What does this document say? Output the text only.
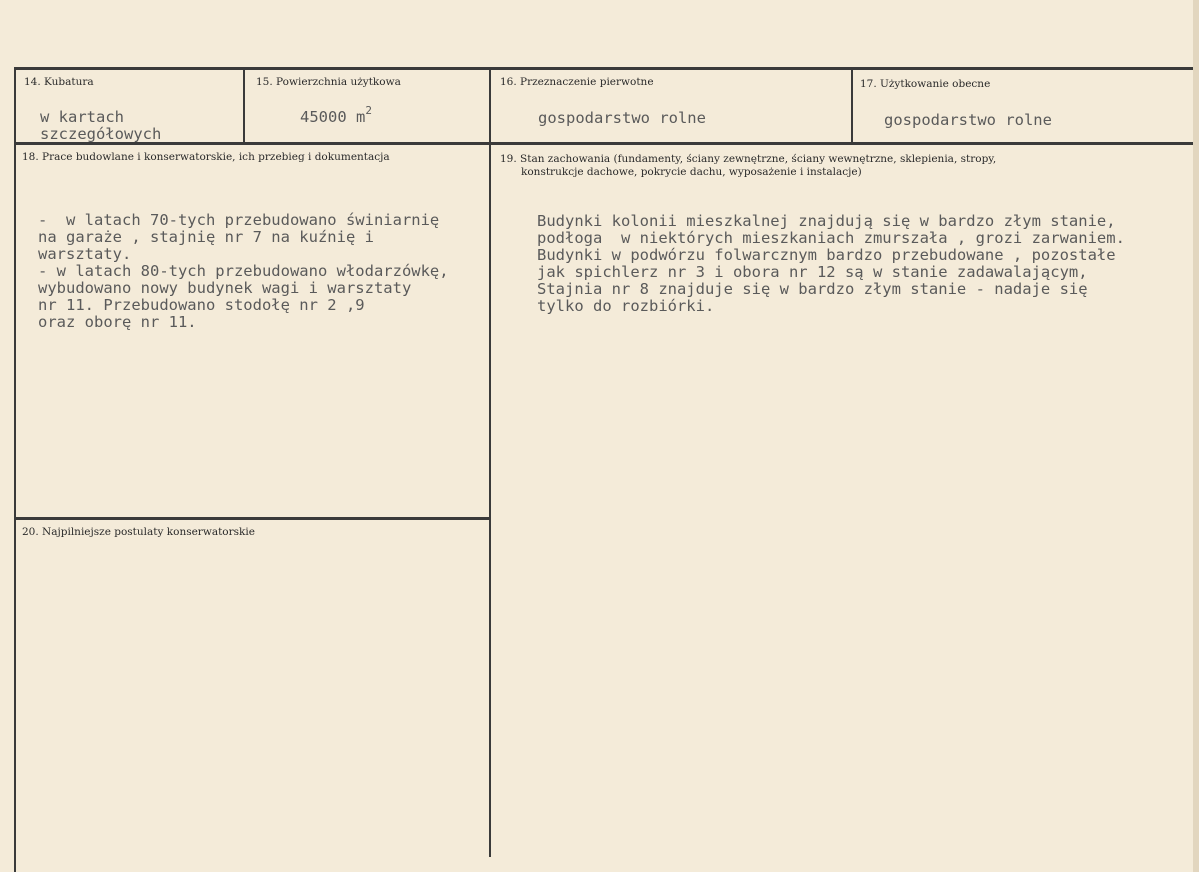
14. Kubatura
w kartach
szczegółowych
15. Powierzchnia użytkowa
45000 $m^2$
16. Przeznaczenie pierwotne
gospodarstwo rolne
17. Użytkowanie obecne
gospodarstwo rolne
18. Prace budowlane i konserwatorskie, ich przebieg i dokumentacja
-  w latach 70-tych przebudowano świniarnię
na garaże , stajnię nr 7 na kuźnię i
warsztaty.
- w latach 80-tych przebudowano włodarzówkę,
wybudowano nowy budynek wagi i warsztaty
nr 11. Przebudowano stodołę nr 2 ,9
oraz oborę nr 11.
19. Stan zachowania (fundamenty, ściany zewnętrzne, ściany wewnętrzne, sklepienia, stropy,
konstrukcje dachowe, pokrycie dachu, wyposażenie i instalacje)
Budynki kolonii mieszkalnej znajdują się w bardzo złym stanie,
podłoga  w niektórych mieszkaniach zmurszała , grozi zarwaniem.
Budynki w podwórzu folwarcznym bardzo przebudowane , pozostałe
jak spichlerz nr 3 i obora nr 12 są w stanie zadawalającym,
Stajnia nr 8 znajduje się w bardzo złym stanie - nadaje się
tylko do rozbiórki.
20. Najpilniejsze postulaty konserwatorskie
